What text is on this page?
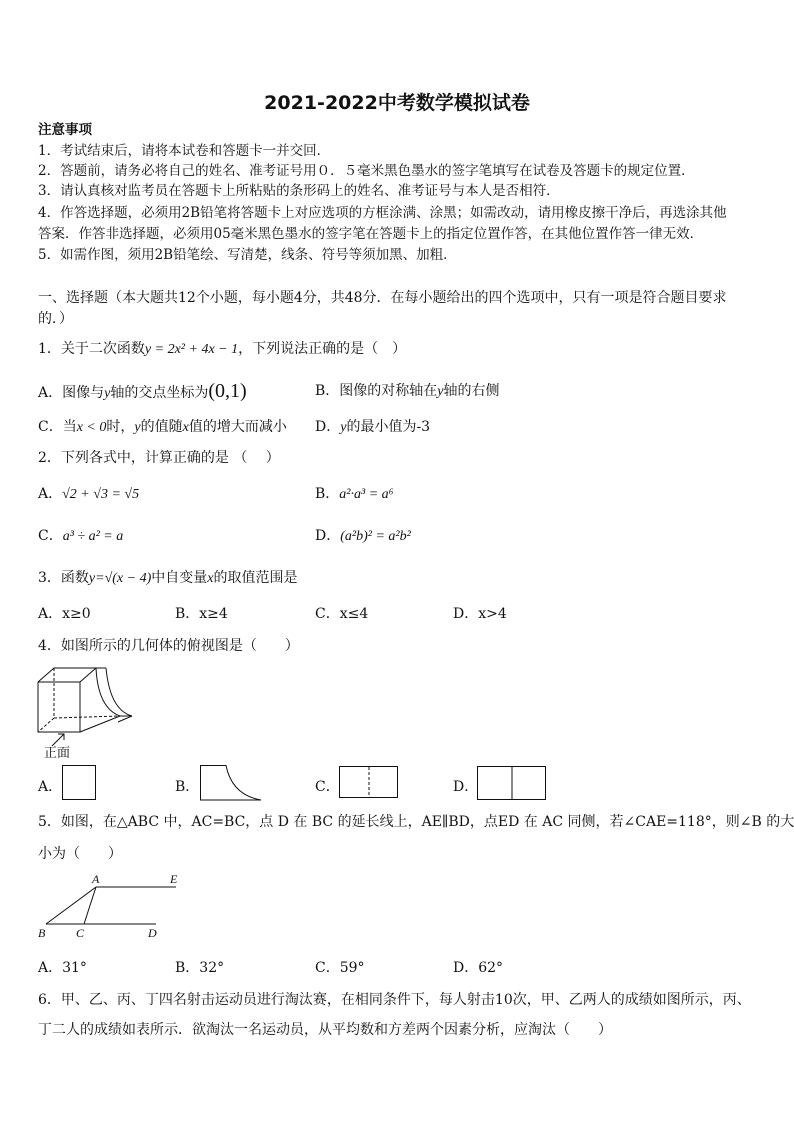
2021-2022中考数学模拟试卷
注意事项
1．考试结束后，请将本试卷和答题卡一并交回．
2．答题前，请务必将自己的姓名、准考证号用０．５毫米黑色墨水的签字笔填写在试卷及答题卡的规定位置．
3．请认真核对监考员在答题卡上所粘贴的条形码上的姓名、准考证号与本人是否相符．
4．作答选择题，必须用2B铅笔将答题卡上对应选项的方框涂满、涂黑；如需改动，请用橡皮擦干净后，再选涂其他
答案．作答非选择题，必须用05毫米黑色墨水的签字笔在答题卡上的指定位置作答，在其他位置作答一律无效．
5．如需作图，须用2B铅笔绘、写清楚，线条、符号等须加黑、加粗．
一、选择题（本大题共12个小题，每小题4分，共48分．在每小题给出的四个选项中，只有一项是符合题目要求
的．）
1．关于二次函数y = 2x² + 4x − 1，下列说法正确的是（　）
A．图像与y轴的交点坐标为(0,1)	B．图像的对称轴在y轴的右侧
C．当x < 0时，y的值随x值的增大而减小 D．y的最小值为-3
2．下列各式中，计算正确的是 （　 ）
A．√2 + √3 = √5	B．a²·a³ = a⁶
C．a³ ÷ a² = a	D．(a²b)² = a²b²
3．函数y=√(x − 4)中自变量x的取值范围是
A．x≥0	B．x≥4	C．x≤4	D．x>4
4．如图所示的几何体的俯视图是（　　）
正面
A．	B．	C．	D．
5．如图，在△ABC 中，AC=BC，点 D 在 BC 的延长线上，AE∥BD，点ED 在 AC 同侧，若∠CAE=118°，则∠B 的大
小为（　　）
A	E
B	C	D
A．31°	B．32°	C．59°	D．62°
6．甲、乙、丙、丁四名射击运动员进行淘汰赛，在相同条件下，每人射击10次，甲、乙两人的成绩如图所示，丙、
丁二人的成绩如表所示．欲淘汰一名运动员，从平均数和方差两个因素分析，应淘汰（　　）
